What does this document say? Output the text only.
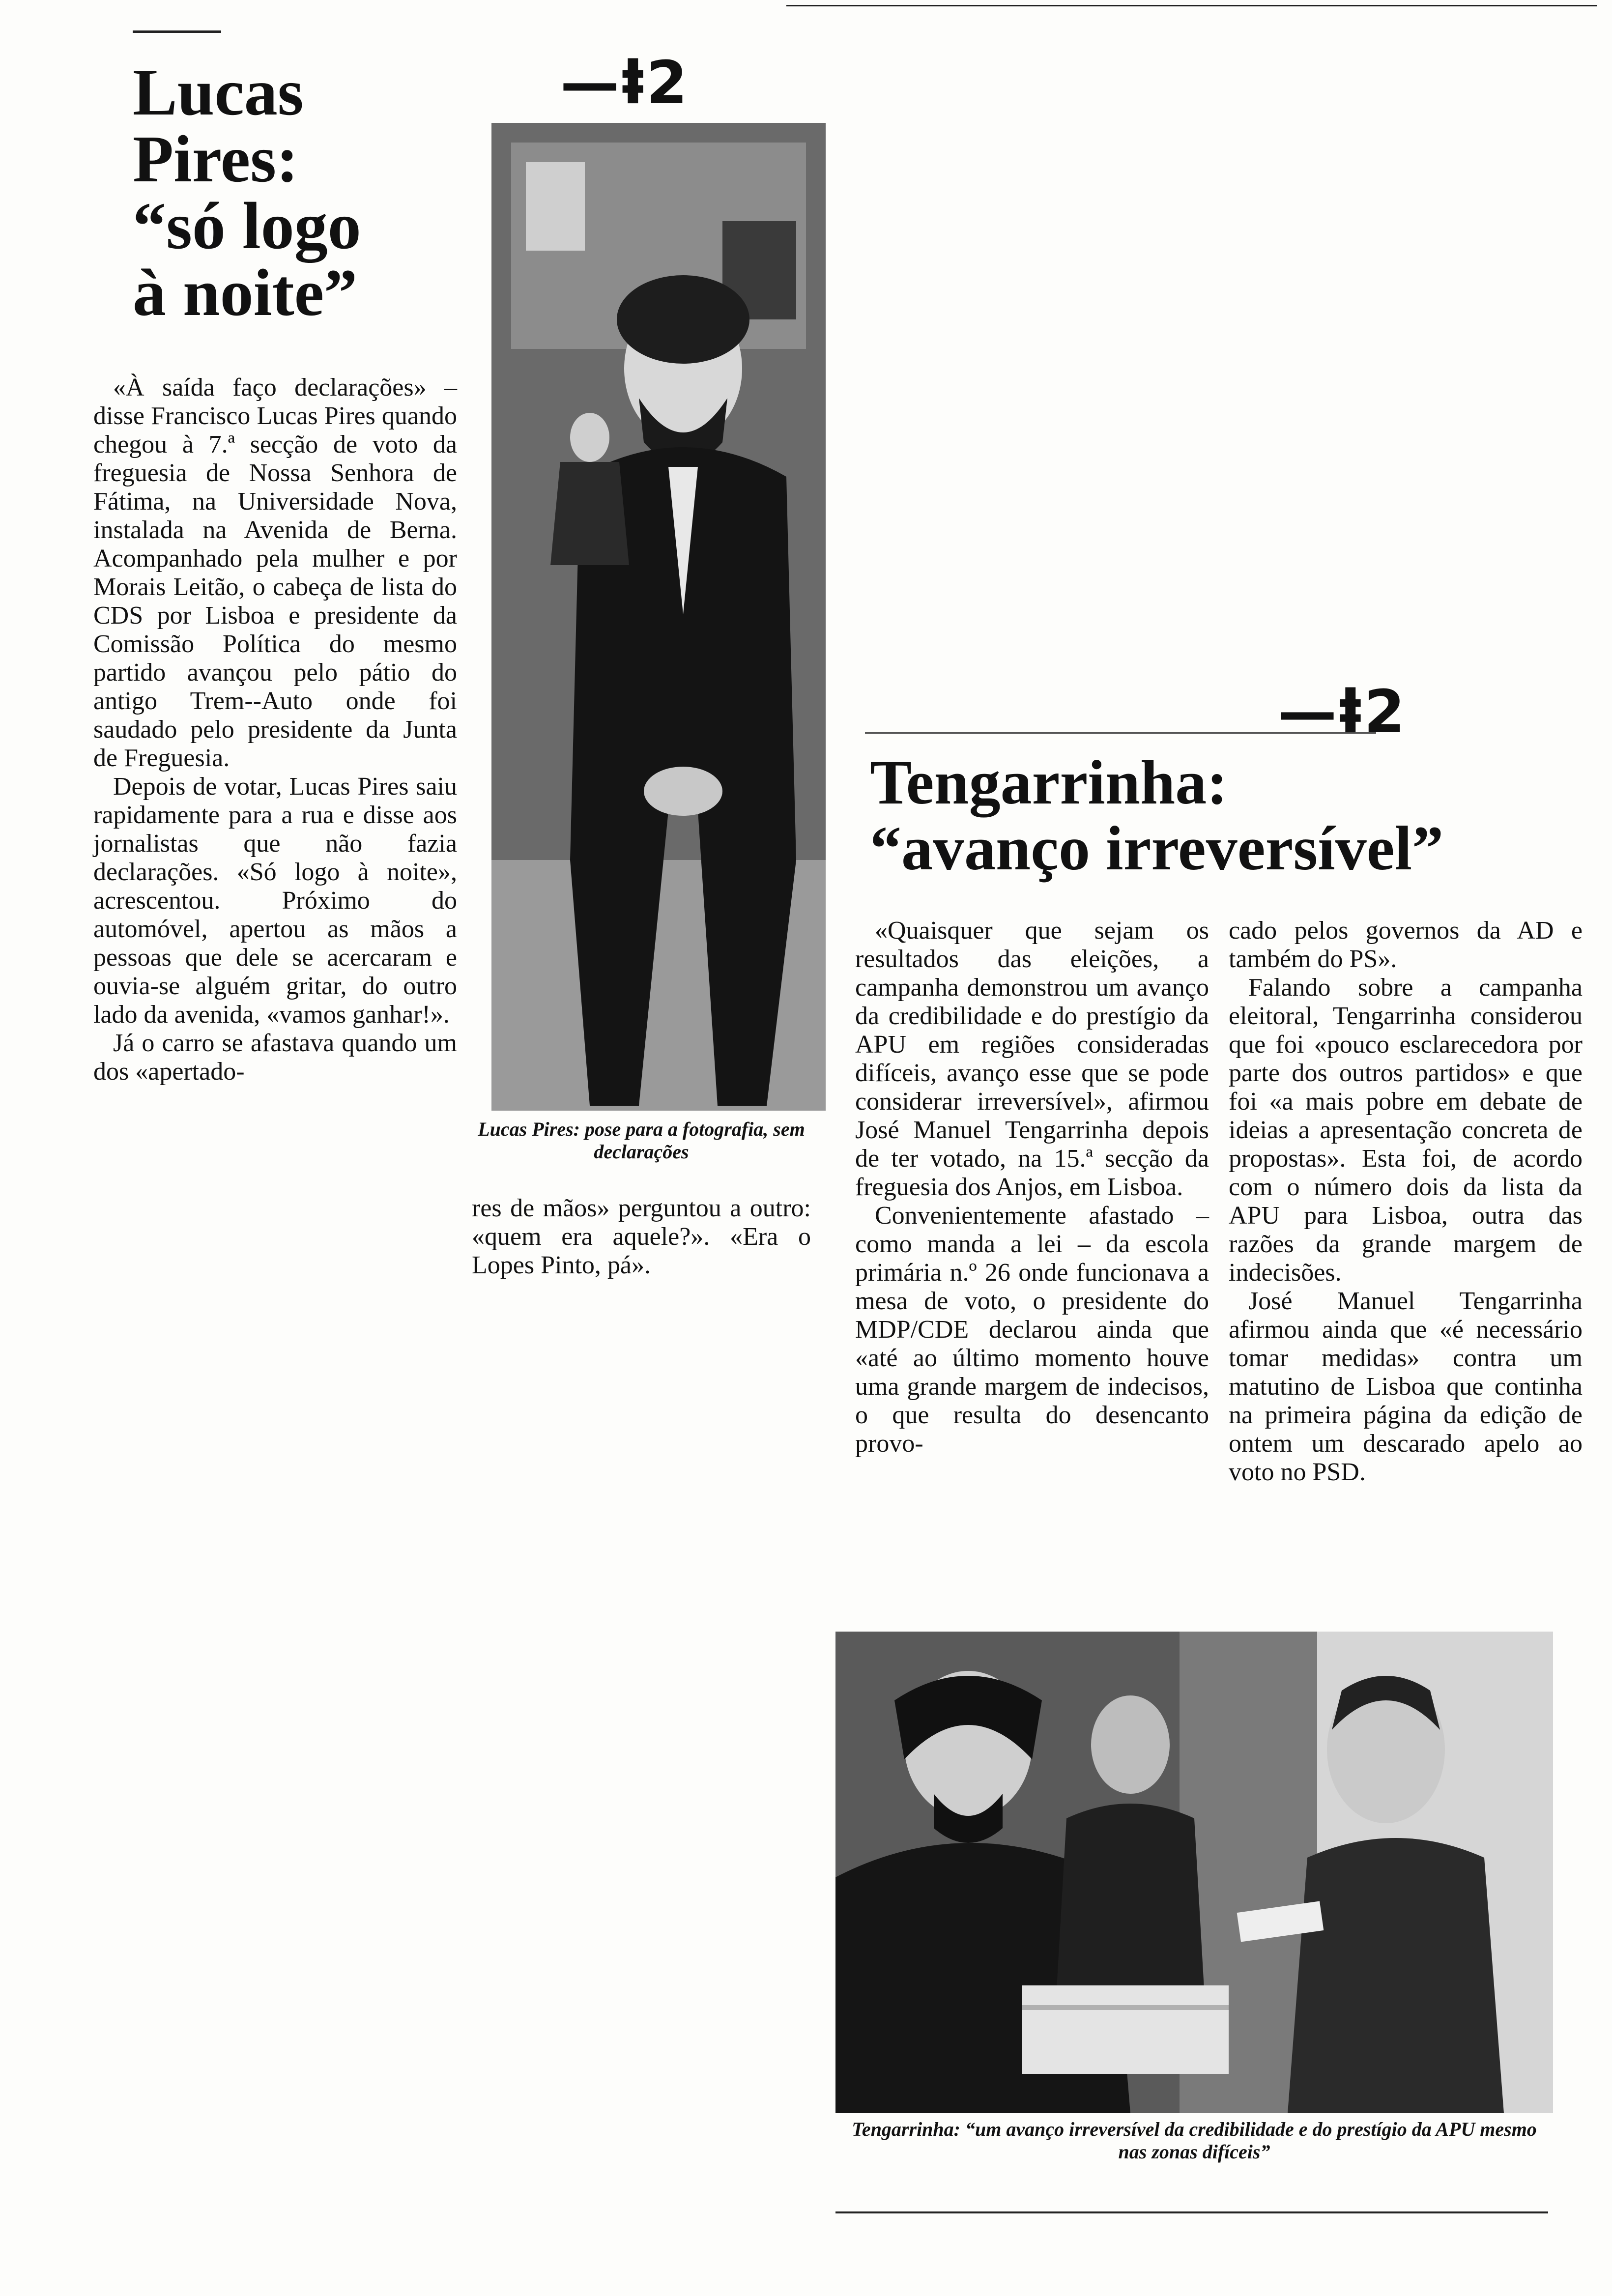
—ⱡ2
—ⱡ2
Lucas
Pires:
“só logo
à noite”

«À saída faço declarações» – disse Francisco Lucas Pires quando chegou à 7.ª secção de voto da freguesia de Nossa Senhora de Fátima, na Universidade Nova, instalada na Avenida de Berna. Acompanhado pela mulher e por Morais Leitão, o cabeça de lista do CDS por Lisboa e presidente da Comissão Política do mesmo partido avançou pelo pátio do antigo Trem--Auto onde foi saudado pelo presidente da Junta de Freguesia.

Depois de votar, Lucas Pires saiu rapidamente para a rua e disse aos jornalistas que não fazia declarações. «Só logo à noite», acrescentou. Próximo do automóvel, apertou as mãos a pessoas que dele se acercaram e ouvia-se alguém gritar, do outro lado da avenida, «vamos ganhar!».

Já o carro se afastava quando um dos «apertado-

Lucas Pires: pose para a fotografia, sem declarações

res de mãos» perguntou a outro: «quem era aquele?». «Era o Lopes Pinto, pá».

Tengarrinha:
“avanço irreversível”

«Quaisquer que sejam os resultados das eleições, a campanha demonstrou um avanço da credibilidade e do prestígio da APU em regiões consideradas difíceis, avanço esse que se pode considerar irreversível», afirmou José Manuel Tengarrinha depois de ter votado, na 15.ª secção da freguesia dos Anjos, em Lisboa.

Convenientemente afastado – como manda a lei – da escola primária n.º 26 onde funcionava a mesa de voto, o presidente do MDP/CDE declarou ainda que «até ao último momento houve uma grande margem de indecisos, o que resulta do desencanto provo-

cado pelos governos da AD e também do PS».

Falando sobre a campanha eleitoral, Tengarrinha considerou que foi «pouco esclarecedora por parte dos outros partidos» e que foi «a mais pobre em debate de ideias a apresentação concreta de propostas». Esta foi, de acordo com o número dois da lista da APU para Lisboa, outra das razões da grande margem de indecisões.

José Manuel Tengarrinha afirmou ainda que «é necessário tomar medidas» contra um matutino de Lisboa que continha na primeira página da edição de ontem um descarado apelo ao voto no PSD.

Tengarrinha: “um avanço irreversível da credibilidade e do prestígio da APU mesmo nas zonas difíceis”
